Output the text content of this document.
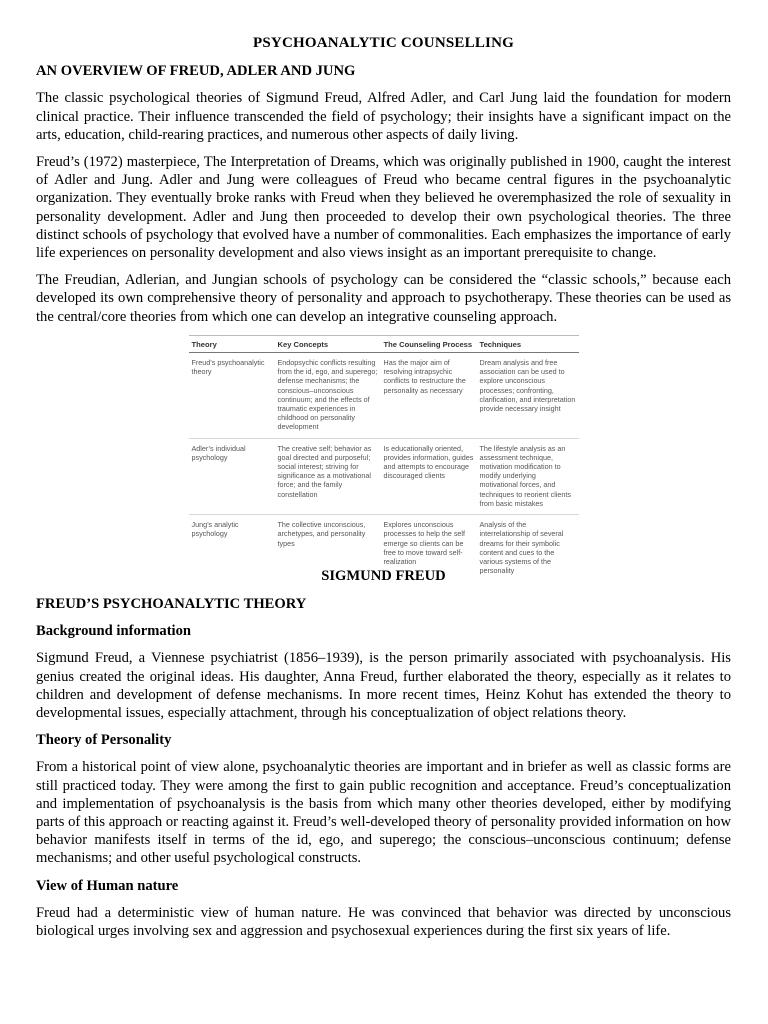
PSYCHOANALYTIC COUNSELLING
AN OVERVIEW OF FREUD, ADLER AND JUNG

The classic psychological theories of Sigmund Freud, Alfred Adler, and Carl Jung laid the foundation for modern clinical practice. Their influence transcended the field of psychology; their insights have a significant impact on the arts, education, child-rearing practices, and numerous other aspects of daily living.

Freud’s (1972) masterpiece, The Interpretation of Dreams, which was originally published in 1900, caught the interest of Adler and Jung. Adler and Jung were colleagues of Freud who became central figures in the psychoanalytic organization. They eventually broke ranks with Freud when they believed he overemphasized the role of sexuality in personality development. Adler and Jung then proceeded to develop their own psychological theories. The three distinct schools of psychology that evolved have a number of commonalities. Each emphasizes the importance of early life experiences on personality development and also views insight as an important prerequisite to change.

The Freudian, Adlerian, and Jungian schools of psychology can be considered the “classic schools,” because each developed its own comprehensive theory of personality and approach to psychotherapy. These theories can be used as the central/core theories from which one can develop an integrative counseling approach.

Theory	Key Concepts	The Counseling Process	Techniques
Freud’s psychoanalytic theory	Endopsychic conflicts resulting from the id, ego, and superego; defense mechanisms; the conscious–unconscious continuum; and the effects of traumatic experiences in childhood on personality development	Has the major aim of resolving intrapsychic conflicts to restructure the personality as necessary	Dream analysis and free association can be used to explore unconscious processes; confronting, clarification, and interpretation provide necessary insight
Adler’s individual psychology	The creative self; behavior as goal directed and purposeful; social interest; striving for significance as a motivational force; and the family constellation	Is educationally oriented, provides information, guides and attempts to encourage discouraged clients	The lifestyle analysis as an assessment technique, motivation modification to modify underlying motivational forces, and techniques to reorient clients from basic mistakes
Jung’s analytic psychology	The collective unconscious, archetypes, and personality types	Explores unconscious processes to help the self emerge so clients can be free to move toward self-realization	Analysis of the interrelationship of several dreams for their symbolic content and cues to the various systems of the personality
SIGMUND FREUD
FREUD’S PSYCHOANALYTIC THEORY
Background information

Sigmund Freud, a Viennese psychiatrist (1856–1939), is the person primarily associated with psychoanalysis. His genius created the original ideas. His daughter, Anna Freud, further elaborated the theory, especially as it relates to children and development of defense mechanisms. In more recent times, Heinz Kohut has extended the theory to developmental issues, especially attachment, through his conceptualization of object relations theory.

Theory of Personality

From a historical point of view alone, psychoanalytic theories are important and in briefer as well as classic forms are still practiced today. They were among the first to gain public recognition and acceptance. Freud’s conceptualization and implementation of psychoanalysis is the basis from which many other theories developed, either by modifying parts of this approach or reacting against it. Freud’s well-developed theory of personality provided information on how behavior manifests itself in terms of the id, ego, and superego; the conscious–unconscious continuum; defense mechanisms; and other useful psychological constructs.

View of Human nature

Freud had a deterministic view of human nature. He was convinced that behavior was directed by unconscious biological urges involving sex and aggression and psychosexual experiences during the first six years of life.
